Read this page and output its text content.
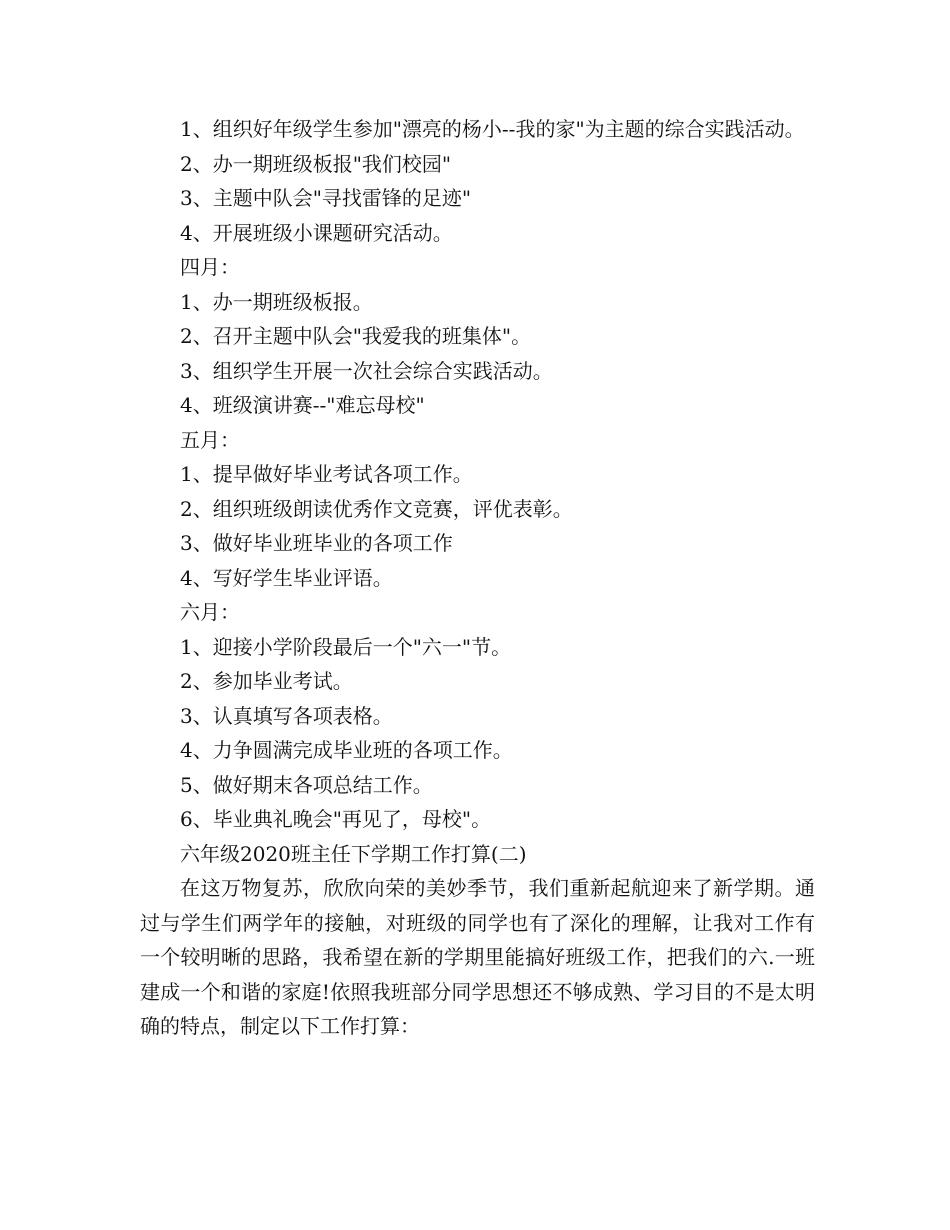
1、组织好年级学生参加"漂亮的杨小--我的家"为主题的综合实践活动。

2、办一期班级板报"我们校园"

3、主题中队会"寻找雷锋的足迹"

4、开展班级小课题研究活动。

四月：

1、办一期班级板报。

2、召开主题中队会"我爱我的班集体"。

3、组织学生开展一次社会综合实践活动。

4、班级演讲赛--"难忘母校"

五月：

1、提早做好毕业考试各项工作。

2、组织班级朗读优秀作文竞赛，评优表彰。

3、做好毕业班毕业的各项工作

4、写好学生毕业评语。

六月：

1、迎接小学阶段最后一个"六一"节。

2、参加毕业考试。

3、认真填写各项表格。

4、力争圆满完成毕业班的各项工作。

5、做好期末各项总结工作。

6、毕业典礼晚会"再见了，母校"。

六年级2020班主任下学期工作打算(二)

在这万物复苏，欣欣向荣的美妙季节，我们重新起航迎来了新学期。通过与学生们两学年的接触，对班级的同学也有了深化的理解，让我对工作有一个较明晰的思路，我希望在新的学期里能搞好班级工作，把我们的六.一班建成一个和谐的家庭!依照我班部分同学思想还不够成熟、学习目的不是太明确的特点，制定以下工作打算：
